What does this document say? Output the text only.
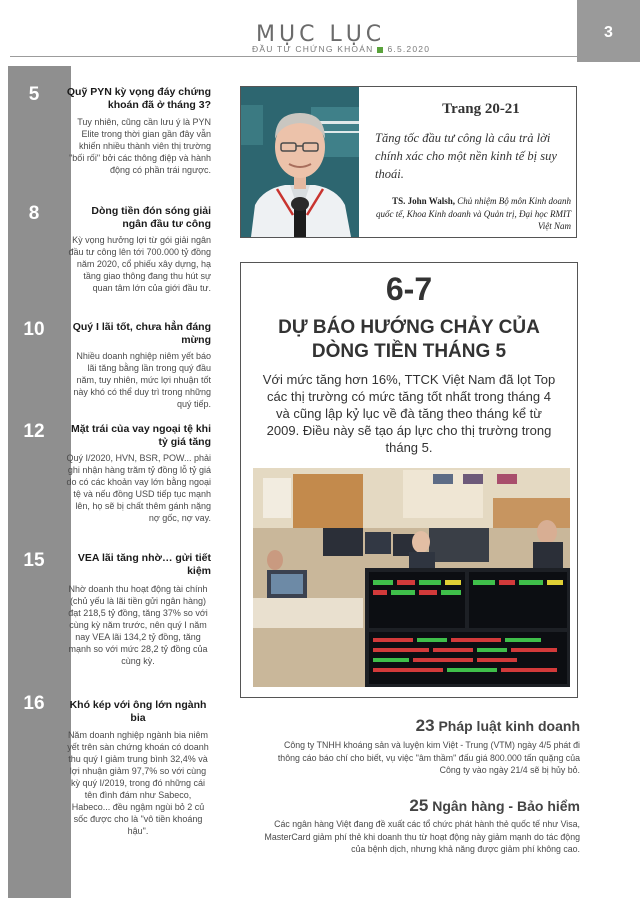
MỤC LỤC
ĐẦU TƯ CHỨNG KHOÁN 6.5.2020
3
5	Quỹ PYN kỳ vọng đáy chứng khoán đã ở tháng 3?
Tuy nhiên, cũng cần lưu ý là PYN Elite trong thời gian gần đây vẫn khiến nhiều thành viên thị trường "bối rối" bởi các thông điệp và hành động có phần trái ngược.
8	Dòng tiền đón sóng giải ngân đầu tư công
Kỳ vọng hưởng lợi từ gói giải ngân đầu tư công lên tới 700.000 tỷ đồng năm 2020, cổ phiếu xây dựng, hạ tầng giao thông đang thu hút sự quan tâm lớn của giới đầu tư.
10	Quý I lãi tốt, chưa hẳn đáng mừng
Nhiều doanh nghiệp niêm yết báo lãi tăng bằng lần trong quý đầu năm, tuy nhiên, mức lợi nhuận tốt này khó có thể duy trì trong những quý tiếp.
12	Mặt trái của vay ngoại tệ khi tỷ giá tăng
Quý I/2020, HVN, BSR, POW... phải ghi nhận hàng trăm tỷ đồng lỗ tỷ giá do có các khoản vay lớn bằng ngoại tệ và nếu đồng USD tiếp tục mạnh lên, họ sẽ bị chất thêm gánh nặng nợ gốc, nợ vay.
15	VEA lãi tăng nhờ… gửi tiết kiệm
Nhờ doanh thu hoạt động tài chính (chủ yếu là lãi tiền gửi ngân hàng) đạt 218,5 tỷ đồng, tăng 37% so với cùng kỳ năm trước, nên quý I năm nay VEA lãi 134,2 tỷ đồng, tăng mạnh so với mức 28,2 tỷ đồng của cùng kỳ.
16	Khó kép với ông lớn ngành bia
Năm doanh nghiệp ngành bia niêm yết trên sàn chứng khoán có doanh thu quý I giảm trung bình 32,4% và lợi nhuận giảm 97,7% so với cùng kỳ quý I/2019, trong đó những cái tên đình đám như Sabeco, Habeco... đều ngậm ngùi bỏ 2 củ sốc được cho là "vô tiền khoáng hậu".
Trang 20-21
Tăng tốc đầu tư công là câu trả lời chính xác cho một nền kinh tế bị suy thoái.
TS. John Walsh, Chủ nhiệm Bộ môn Kinh doanh quốc tế, Khoa Kinh doanh và Quản trị, Đại học RMIT Việt Nam
6-7
DỰ BÁO HƯỚNG CHẢY CỦA DÒNG TIỀN THÁNG 5
Với mức tăng hơn 16%, TTCK Việt Nam đã lọt Top các thị trường có mức tăng tốt nhất trong tháng 4 và cũng lập kỷ lục về đà tăng theo tháng kể từ 2009. Điều này sẽ tạo áp lực cho thị trường trong tháng 5.
23 Pháp luật kinh doanh
Công ty TNHH khoáng sản và luyện kim Việt - Trung (VTM) ngày 4/5 phát đi thông cáo báo chí cho biết, vụ việc "âm thầm" đấu giá 800.000 tấn quặng của Công ty vào ngày 21/4 sẽ bị hủy bỏ.
25 Ngân hàng - Bảo hiểm
Các ngân hàng Việt đang đề xuất các tổ chức phát hành thẻ quốc tế như Visa, MasterCard giảm phí thẻ khi doanh thu từ hoạt động này giảm mạnh do tác động của bệnh dịch, nhưng khả năng được giảm phí không cao.
